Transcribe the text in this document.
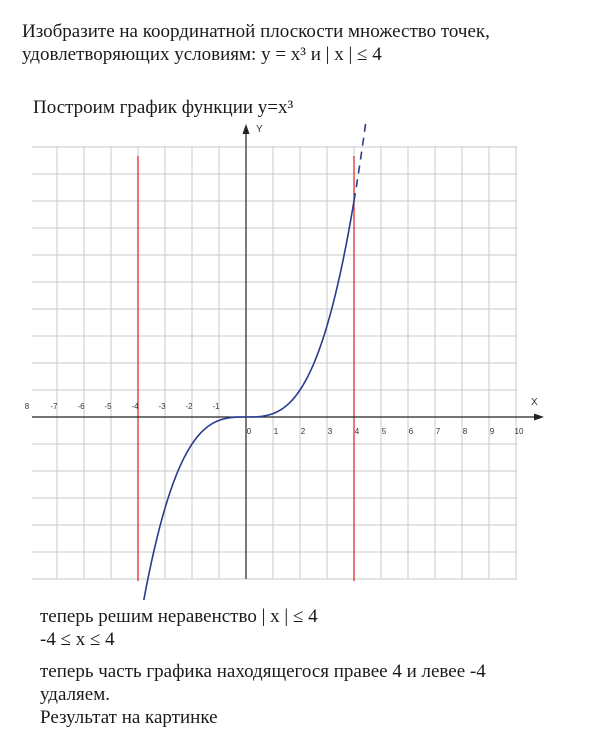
Изобразите на координатной плоскости множество точек,
удовлетворяющих условиям: y = x³ и | x | ≤ 4
Построим график функции y=x³
X
Y
8	-7 -6 -5 -4 -3 -2 -1
0	1	2	3	4	5	6	7	8	9	10
теперь решим неравенство | x | ≤ 4
-4 ≤ x ≤ 4
теперь часть графика находящегося правее 4 и левее -4
удаляем.
Результат на картинке
